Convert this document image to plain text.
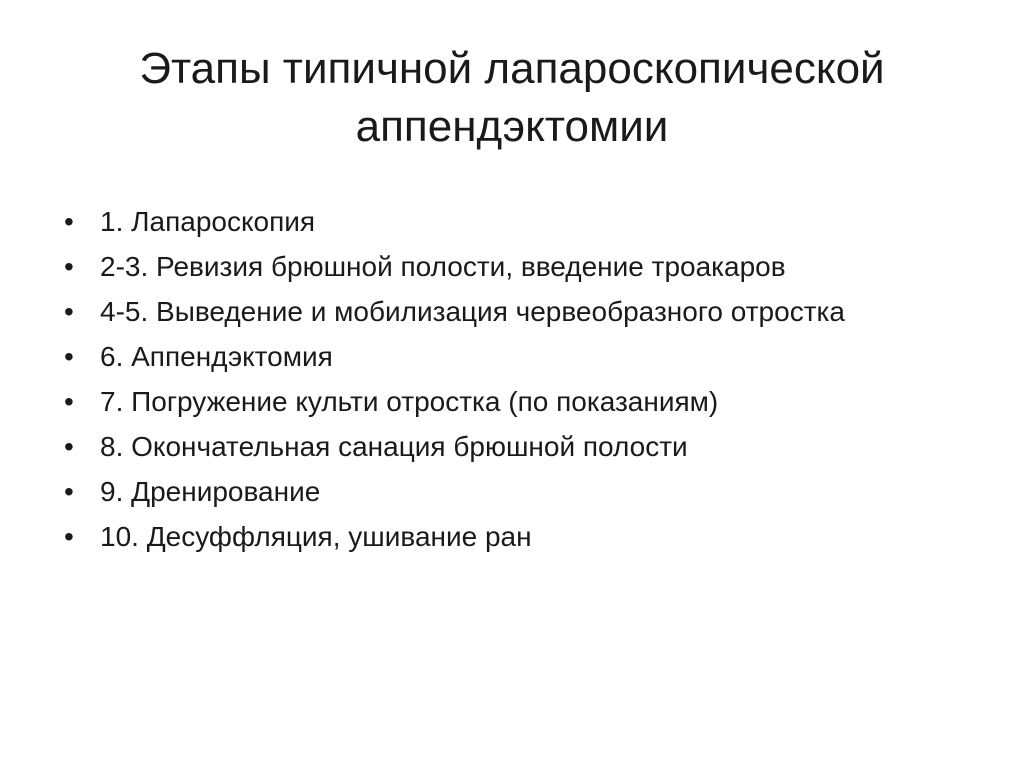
Этапы типичной лапароскопической
аппендэктомии
• 1. Лапароскопия
• 2-3. Ревизия брюшной полости, введение троакаров
• 4-5. Выведение и мобилизация червеобразного отростка
• 6. Аппендэктомия
• 7. Погружение культи отростка (по показаниям)
• 8. Окончательная санация брюшной полости
• 9. Дренирование
• 10. Десуффляция, ушивание ран
